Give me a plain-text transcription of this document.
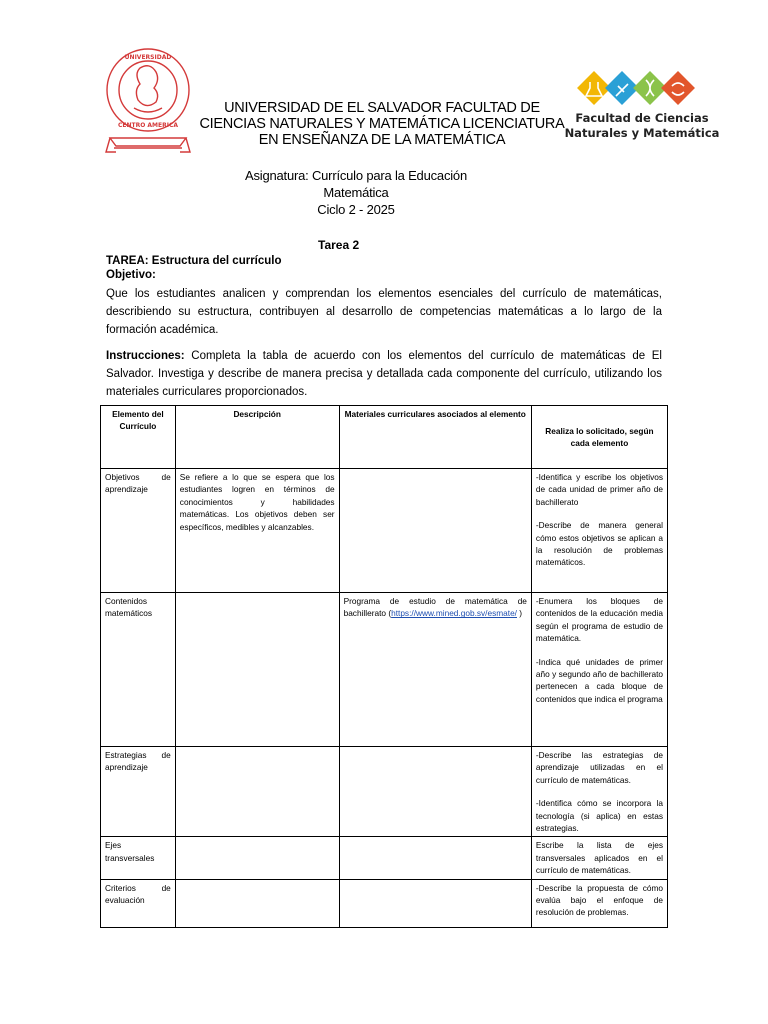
UNIVERSIDAD
CENTRO AMERICA
UNIVERSIDAD DE EL SALVADOR FACULTAD DE CIENCIAS NATURALES Y MATEMÁTICA LICENCIATURA EN ENSEÑANZA DE LA MATEMÁTICA
Facultad de Ciencias
Naturales y Matemática
Asignatura: Currículo para la Educación Matemática
Ciclo 2 - 2025
Tarea 2
TAREA: Estructura del currículo
Objetivo:
Que los estudiantes analicen y comprendan los elementos esenciales del currículo de matemáticas, describiendo su estructura, contribuyen al desarrollo de competencias matemáticas a lo largo de la formación académica.
Instrucciones: Completa la tabla de acuerdo con los elementos del currículo de matemáticas de El Salvador. Investiga y describe de manera precisa y detallada cada componente del currículo, utilizando los materiales curriculares proporcionados.
Elemento del Currículo	Descripción	Materiales curriculares asociados al elemento	Realiza lo solicitado, según cada elemento
Objetivos de aprendizaje	Se refiere a lo que se espera que los estudiantes logren en términos de conocimientos y habilidades matemáticas. Los objetivos deben ser específicos, medibles y alcanzables.		-Identifica y escribe los objetivos de cada unidad de primer año de bachillerato
-Describe de manera general cómo estos objetivos se aplican a la resolución de problemas matemáticos.

Contenidos matemáticos		Programa de estudio de matemática de bachillerato (https://www.mined.gob.sv/esmate/ )	-Enumera los bloques de contenidos de la educación media según el programa de estudio de matemática.
-Indica qué unidades de primer año y segundo año de bachillerato pertenecen a cada bloque de contenidos que indica el programa

Estrategias de aprendizaje			-Describe las estrategias de aprendizaje utilizadas en el currículo de matemáticas.
-Identifica cómo se incorpora la tecnología (si aplica) en estas estrategias.

Ejes transversales			Escribe la lista de ejes transversales aplicados en el currículo de matemáticas.

Criterios de evaluación			-Describe la propuesta de cómo evalúa bajo el enfoque de resolución de problemas.
